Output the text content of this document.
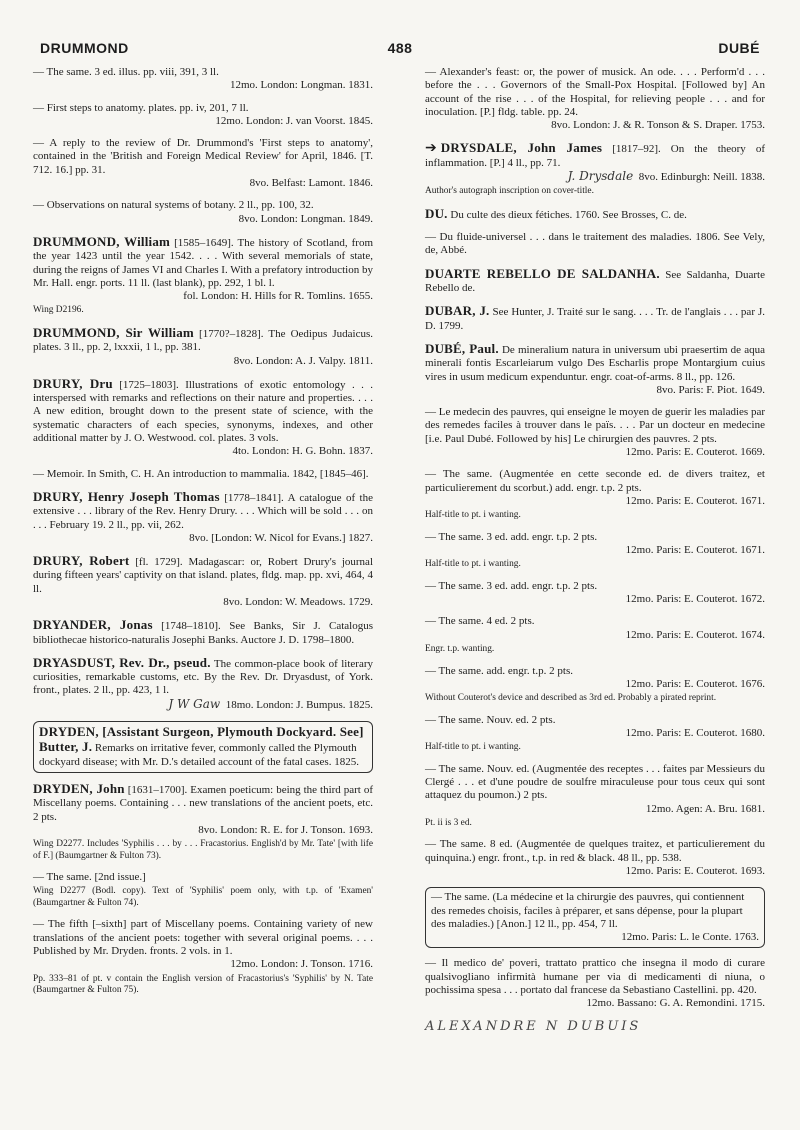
DRUMMOND	488	DUBÉ
— The same. 3 ed. illus. pp. viii, 391, 3 ll.
12mo. London: Longman. 1831.
— First steps to anatomy. plates. pp. iv, 201, 7 ll.
12mo. London: J. van Voorst. 1845.
— A reply to the review of Dr. Drummond's 'First steps to anatomy', contained in the 'British and Foreign Medical Review' for April, 1846. [T. 712. 16.] pp. 31.
8vo. Belfast: Lamont. 1846.
— Observations on natural systems of botany. 2 ll., pp. 100, 32.
8vo. London: Longman. 1849.
DRUMMOND, William [1585–1649]. The history of Scotland, from the year 1423 until the year 1542. . . . With several memorials of state, during the reigns of James VI and Charles I. With a prefatory introduction by Mr. Hall. engr. ports. 11 ll. (last blank), pp. 292, 1 bl. l.
fol. London: H. Hills for R. Tomlins. 1655.
Wing D2196.
DRUMMOND, Sir William [1770?–1828]. The Oedipus Judaicus. plates. 3 ll., pp. 2, lxxxii, 1 l., pp. 381.
8vo. London: A. J. Valpy. 1811.
DRURY, Dru [1725–1803]. Illustrations of exotic entomology . . . interspersed with remarks and reflections on their nature and properties. . . . A new edition, brought down to the present state of science, with the systematic characters of each species, synonyms, indexes, and other additional matter by J. O. Westwood. col. plates. 3 vols.
4to. London: H. G. Bohn. 1837.
— Memoir. In Smith, C. H. An introduction to mammalia. 1842, [1845–46].
DRURY, Henry Joseph Thomas [1778–1841]. A catalogue of the extensive . . . library of the Rev. Henry Drury. . . . Which will be sold . . . on . . . February 19. 2 ll., pp. vii, 262.
8vo. [London: W. Nicol for Evans.] 1827.
DRURY, Robert [fl. 1729]. Madagascar: or, Robert Drury's journal during fifteen years' captivity on that island. plates, fldg. map. pp. xvi, 464, 4 ll.
8vo. London: W. Meadows. 1729.
DRYANDER, Jonas [1748–1810]. See Banks, Sir J. Catalogus bibliothecae historico-naturalis Josephi Banks. Auctore J. D. 1798–1800.
DRYASDUST, Rev. Dr., pseud. The common-place book of literary curiosities, remarkable customs, etc. By the Rev. Dr. Dryasdust, of York. front., plates. 2 ll., pp. 423, 1 l.
J W Gaw 18mo. London: J. Bumpus. 1825.
DRYDEN, [Assistant Surgeon, Plymouth Dockyard. See] Butter, J. Remarks on irritative fever, commonly called the Plymouth dockyard disease; with Mr. D.'s detailed account of the fatal cases. 1825.
DRYDEN, John [1631–1700]. Examen poeticum: being the third part of Miscellany poems. Containing . . . new translations of the ancient poets, etc. 2 pts.
8vo. London: R. E. for J. Tonson. 1693.
Wing D2277. Includes 'Syphilis . . . by . . . Fracastorius. English'd by Mr. Tate' [with life of F.] (Baumgartner & Fulton 73).
— The same. [2nd issue.]
Wing D2277 (Bodl. copy). Text of 'Syphilis' poem only, with t.p. of 'Examen' (Baumgartner & Fulton 74).
— The fifth [–sixth] part of Miscellany poems. Containing variety of new translations of the ancient poets: together with several original poems. . . . Published by Mr. Dryden. fronts. 2 vols. in 1.
12mo. London: J. Tonson. 1716.
Pp. 333–81 of pt. v contain the English version of Fracastorius's 'Syphilis' by N. Tate (Baumgartner & Fulton 75).
— Alexander's feast: or, the power of musick. An ode. . . . Perform'd . . . before the . . . Governors of the Small-Pox Hospital. [Followed by] An account of the rise . . . of the Hospital, for relieving people . . . and for inoculation. [P.] fldg. table. pp. 24.
8vo. London: J. & R. Tonson & S. Draper. 1753.
➔ DRYSDALE, John James [1817–92]. On the theory of inflammation. [P.] 4 ll., pp. 71.
J. Drysdale 8vo. Edinburgh: Neill. 1838.
Author's autograph inscription on cover-title.
DU. Du culte des dieux fétiches. 1760. See Brosses, C. de.
— Du fluide-universel . . . dans le traitement des maladies. 1806. See Vely, de, Abbé.
DUARTE REBELLO DE SALDANHA. See Saldanha, Duarte Rebello de.
DUBAR, J. See Hunter, J. Traité sur le sang. . . . Tr. de l'anglais . . . par J. D. 1799.
DUBÉ, Paul. De mineralium natura in universum ubi praesertim de aqua minerali fontis Escarleiarum vulgo Des Escharlis prope Montargium cuius vires in usum medicum expenduntur. engr. coat-of-arms. 8 ll., pp. 126.
8vo. Paris: F. Piot. 1649.
— Le medecin des pauvres, qui enseigne le moyen de guerir les maladies par des remedes faciles à trouver dans le païs. . . . Par un docteur en medecine [i.e. Paul Dubé. Followed by his] Le chirurgien des pauvres. 2 pts.
12mo. Paris: E. Couterot. 1669.
— The same. (Augmentée en cette seconde ed. de divers traitez, et particulierement du scorbut.) add. engr. t.p. 2 pts.
12mo. Paris: E. Couterot. 1671.
Half-title to pt. i wanting.
— The same. 3 ed. add. engr. t.p. 2 pts.
12mo. Paris: E. Couterot. 1671.
Half-title to pt. i wanting.
— The same. 3 ed. add. engr. t.p. 2 pts.
12mo. Paris: E. Couterot. 1672.
— The same. 4 ed. 2 pts.
12mo. Paris: E. Couterot. 1674.
Engr. t.p. wanting.
— The same. add. engr. t.p. 2 pts.
12mo. Paris: E. Couterot. 1676.
Without Couterot's device and described as 3rd ed. Probably a pirated reprint.
— The same. Nouv. ed. 2 pts.
12mo. Paris: E. Couterot. 1680.
Half-title to pt. i wanting.
— The same. Nouv. ed. (Augmentée des receptes . . . faites par Messieurs du Clergé . . . et d'une poudre de soulfre miraculeuse pour tous ceux qui sont attaquez du poumon.) 2 pts.
12mo. Agen: A. Bru. 1681.
Pt. ii is 3 ed.
— The same. 8 ed. (Augmentée de quelques traitez, et particulierement du quinquina.) engr. front., t.p. in red & black. 48 ll., pp. 538.
12mo. Paris: E. Couterot. 1693.
— The same. (La médecine et la chirurgie des pauvres, qui contiennent des remedes choisis, faciles à préparer, et sans dépense, pour la plupart des maladies.) [Anon.] 12 ll., pp. 454, 7 ll.
12mo. Paris: L. le Conte. 1763.
— Il medico de' poveri, trattato prattico che insegna il modo di curare qualsivogliano infirmità humane per via di medicamenti di niuna, o pochissima spesa . . . portato dal francese da Sebastiano Castellini. pp. 420.
12mo. Bassano: G. A. Remondini. 1715.
ALEXANDRE N DUBUIS
